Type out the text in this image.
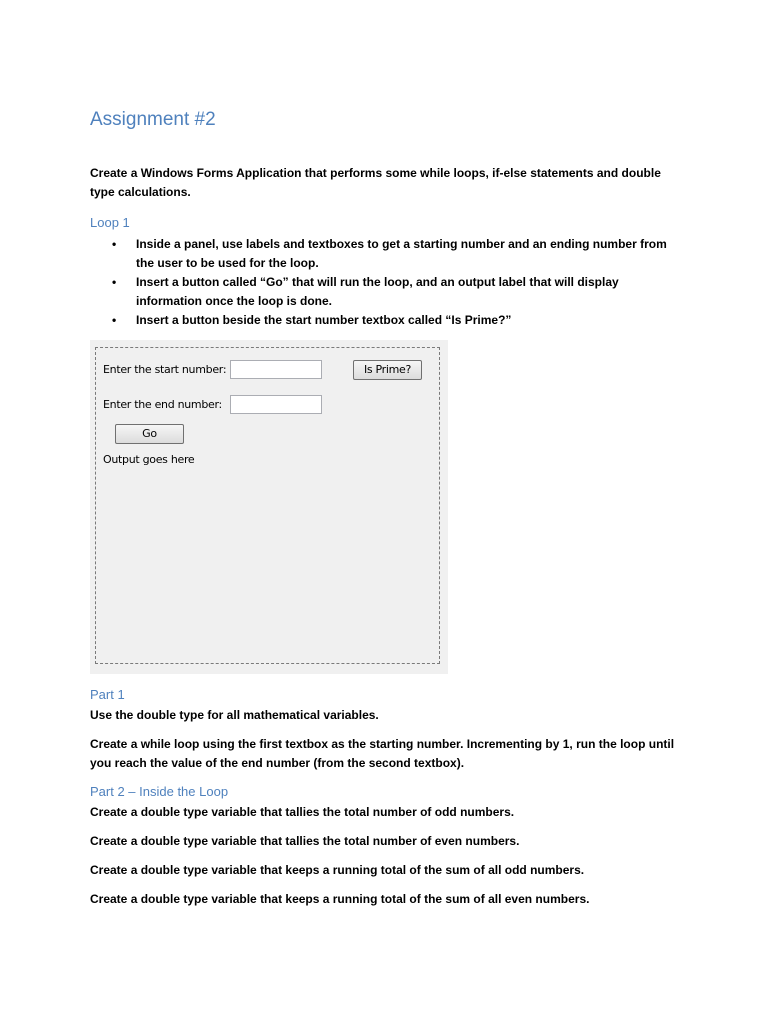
Assignment #2
Create a Windows Forms Application that performs some while loops, if-else statements and double type calculations.
Loop 1
• Inside a panel, use labels and textboxes to get a starting number and an ending number from the user to be used for the loop.
• Insert a button called “Go” that will run the loop, and an output label that will display information once the loop is done.
• Insert a button beside the start number textbox called “Is Prime?”
Enter the start number:	Is Prime?
Enter the end number:
Go
Output goes here
Part 1
Use the double type for all mathematical variables.
Create a while loop using the first textbox as the starting number. Incrementing by 1, run the loop until you reach the value of the end number (from the second textbox).
Part 2 – Inside the Loop
Create a double type variable that tallies the total number of odd numbers.
Create a double type variable that tallies the total number of even numbers.
Create a double type variable that keeps a running total of the sum of all odd numbers.
Create a double type variable that keeps a running total of the sum of all even numbers.
